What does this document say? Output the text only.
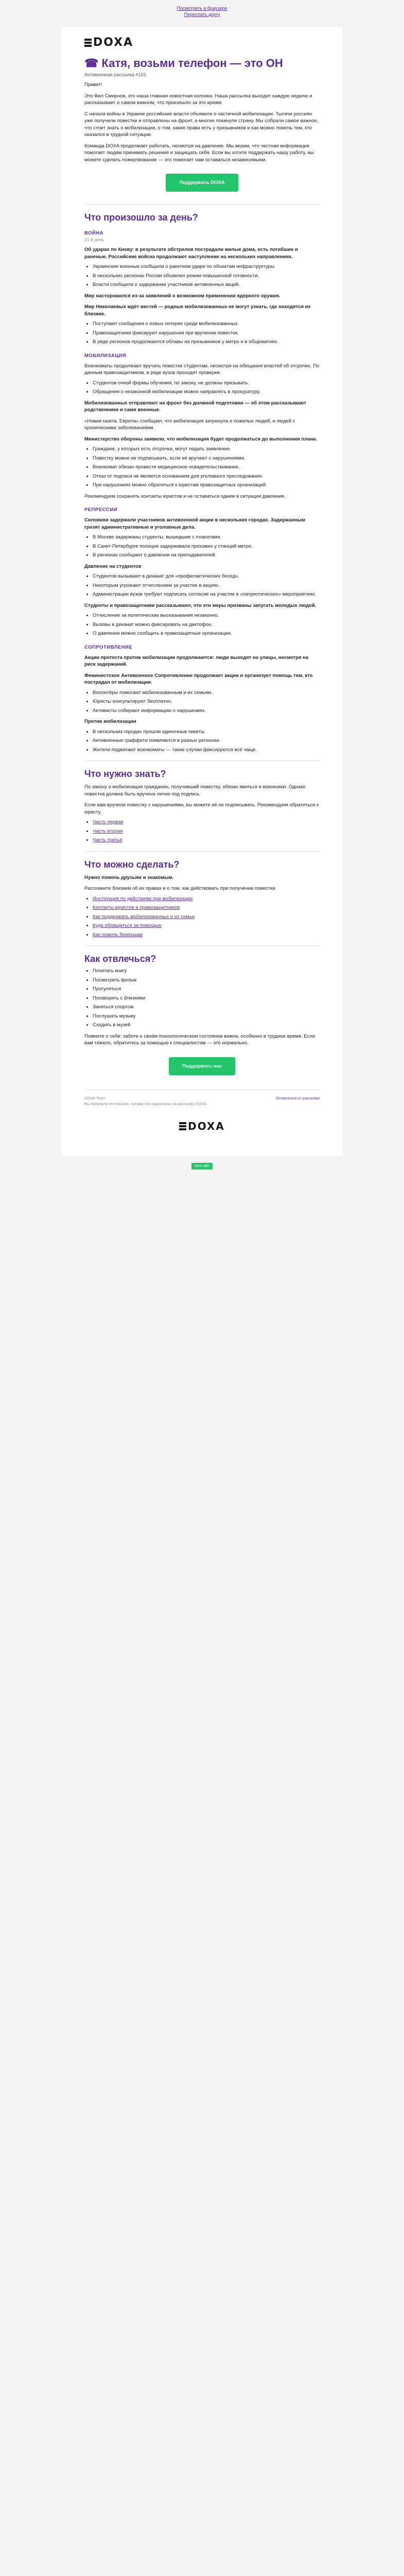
Посмотреть в браузере
Переслать другу
DOXA
☎ Катя, возьми телефон — это ОН
Антивоенная рассылка #103

Привет!

Это Фил Смирнов, это наша главная новостная колонка. Наша рассылка выходит каждую неделю и рассказывает о самом важном, что произошло за это время.

С начала войны в Украине российские власти объявили о частичной мобилизации. Тысячи россиян уже получили повестки и отправлены на фронт, а многие покинули страну. Мы собрали самое важное, что стоит знать о мобилизации, о том, какие права есть у призывников и как можно помочь тем, кто оказался в трудной ситуации.

Команда DOXA продолжает работать, несмотря на давление. Мы верим, что честная информация помогает людям принимать решения и защищать себя. Если вы хотите поддержать нашу работу, вы можете сделать пожертвование — это помогает нам оставаться независимыми.

Поддержать DOXA
Что произошло за день?
ВОЙНА
21-й день

Об ударах по Киеву: в результате обстрелов пострадали жилые дома, есть погибшие и раненые. Российские войска продолжают наступление на нескольких направлениях.

• Украинские военные сообщили о ракетном ударе по объектам инфраструктуры.
• В нескольких регионах России объявлен режим повышенной готовности.
• Власти сообщили о задержании участников антивоенных акций.

Мир насторожился из-за заявлений о возможном применении ядерного оружия.

Мир Николаевых ждёт вестей — родные мобилизованных не могут узнать, где находятся их близкие.

• Поступают сообщения о новых потерях среди мобилизованных.
• Правозащитники фиксируют нарушения при вручении повесток.
• В ряде регионов продолжаются облавы на призывников у метро и в общежитиях.
МОБИЛИЗАЦИЯ

Военкоматы продолжают вручать повестки студентам, несмотря на обещания властей об отсрочке. По данным правозащитников, в ряде вузов проходят проверки.

• Студентов очной формы обучения, по закону, не должны призывать.
• Обращения о незаконной мобилизации можно направлять в прокуратуру.

Мобилизованных отправляют на фронт без должной подготовки — об этом рассказывают родственники и сами военные.

«Новая газета. Европа» сообщает, что мобилизация затронула и пожилых людей, и людей с хроническими заболеваниями.

Министерство обороны заявило, что мобилизация будет продолжаться до выполнения плана.

• Граждане, у которых есть отсрочка, могут подать заявление.
• Повестку можно не подписывать, если её вручают с нарушениями.
• Военкомат обязан провести медицинское освидетельствование.
• Отказ от подписи не является основанием для уголовного преследования.
• При нарушениях можно обратиться к юристам правозащитных организаций.

Рекомендуем сохранять контакты юристов и не оставаться одним в ситуации давления.

РЕПРЕССИИ

Силовики задержали участников антивоенной акции в нескольких городах. Задержанным грозят административные и уголовные дела.

• В Москве задержаны студенты, вышедшие с плакатами.
• В Санкт-Петербурге полиция задерживала прохожих у станций метро.
• В регионах сообщают о давлении на преподавателей.

Давление на студентов

• Студентов вызывают в деканат для «профилактических бесед».
• Некоторым угрожают отчислением за участие в акциях.
• Администрации вузов требуют подписать согласие на участие в «патриотических» мероприятиях.

Студенты и правозащитники рассказывают, что эти меры призваны запугать молодых людей.

• Отчисление за политические высказывания незаконно.
• Вызовы в деканат можно фиксировать на диктофон.
• О давлении можно сообщить в правозащитные организации.
СОПРОТИВЛЕНИЕ

Акции протеста против мобилизации продолжаются: люди выходят на улицы, несмотря на риск задержаний.

Феминистское Антивоенное Сопротивление продолжает акции и организует помощь тем, кто пострадал от мобилизации.

• Волонтёры помогают мобилизованным и их семьям.
• Юристы консультируют бесплатно.
• Активисты собирают информацию о нарушениях.

Против мобилизации

• В нескольких городах прошли одиночные пикеты.
• Антивоенные граффити появляются в разных регионах.
• Жители поджигают военкоматы — такие случаи фиксируются всё чаще.
Что нужно знать?

По закону о мобилизации гражданин, получивший повестку, обязан явиться в военкомат. Однако повестка должна быть вручена лично под подпись.

Если вам вручили повестку с нарушениями, вы можете её не подписывать. Рекомендуем обратиться к юристу.

• Часть первая
• Часть вторая
• Часть третья
Что можно сделать?

Нужно помочь друзьям и знакомым.

Расскажите близким об их правах и о том, как действовать при получении повестки.

• Инструкция по действиям при мобилизации
• Контакты юристов и правозащитников
• Как поддержать мобилизованных и их семьи
• Куда обращаться за помощью
• Как помочь беженцам
Как отвлечься?
• Почитать книгу
• Посмотреть фильм
• Прогуляться
• Поговорить с близкими
• Заняться спортом
• Послушать музыку
• Сходить в музей

Помните о себе: забота о своём психологическом состоянии важна, особенно в трудное время. Если вам тяжело, обратитесь за помощью к специалистам — это нормально.

Поддержать нас
DOXA Team
Вы получили это письмо, потому что подписаны на рассылку DOXA.
Отписаться от рассылки
DOXA
Sent with
